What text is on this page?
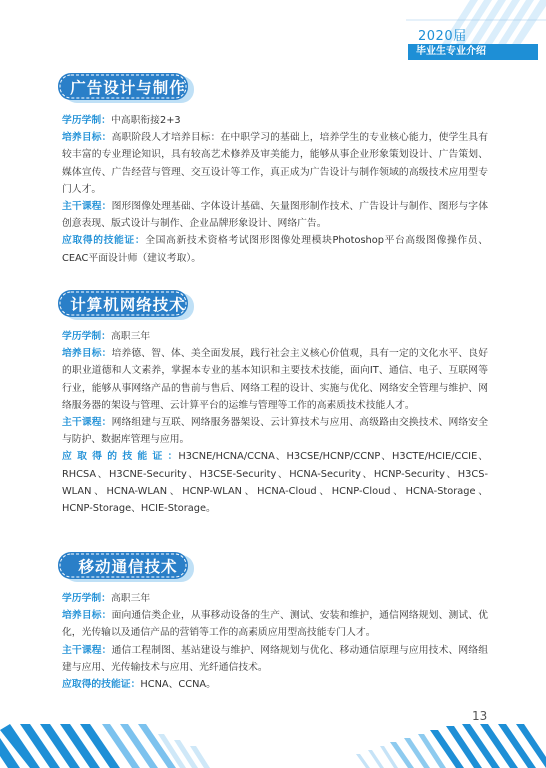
2020届
毕业生专业介绍
广告设计与制作

学历学制：中高职衔接2+3

培养目标：高职阶段人才培养目标：在中职学习的基础上，培养学生的专业核心能力，使学生具有较丰富的专业理论知识，具有较高艺术修养及审美能力，能够从事企业形象策划设计、广告策划、媒体宣传、广告经营与管理、交互设计等工作，真正成为广告设计与制作领域的高级技术应用型专门人才。

主干课程：图形图像处理基础、字体设计基础、矢量图形制作技术、广告设计与制作、图形与字体创意表现、版式设计与制作、企业品牌形象设计、网络广告。

应取得的技能证：全国高新技术资格考试图形图像处理模块Photoshop平台高级图像操作员、CEAC平面设计师（建议考取）。

计算机网络技术

学历学制：高职三年

培养目标：培养德、智、体、美全面发展，践行社会主义核心价值观，具有一定的文化水平、良好的职业道德和人文素养，掌握本专业的基本知识和主要技术技能，面向IT、通信、电子、互联网等行业，能够从事网络产品的售前与售后、网络工程的设计、实施与优化、网络安全管理与维护、网络服务器的架设与管理、云计算平台的运维与管理等工作的高素质技术技能人才。

主干课程：网络组建与互联、网络服务器架设、云计算技术与应用、高级路由交换技术、网络安全与防护、数据库管理与应用。

应 取 得 的 技 能 证 ：H3CNE/HCNA/CCNA、H3CSE/HCNP/CCNP、H3CTE/HCIE/CCIE、RHCSA、H3CNE-Security、H3CSE-Security、HCNA-Security、HCNP-Security、H3CS-WLAN、HCNA-WLAN、HCNP-WLAN、HCNA-Cloud、HCNP-Cloud、HCNA-Storage、HCNP-Storage、HCIE-Storage。

移动通信技术

学历学制：高职三年

培养目标：面向通信类企业，从事移动设备的生产、测试、安装和维护，通信网络规划、测试、优化，光传输以及通信产品的营销等工作的高素质应用型高技能专门人才。

主干课程：通信工程制图、基站建设与维护、网络规划与优化、移动通信原理与应用技术、网络组建与应用、光传输技术与应用、光纤通信技术。

应取得的技能证：HCNA、CCNA。

13
